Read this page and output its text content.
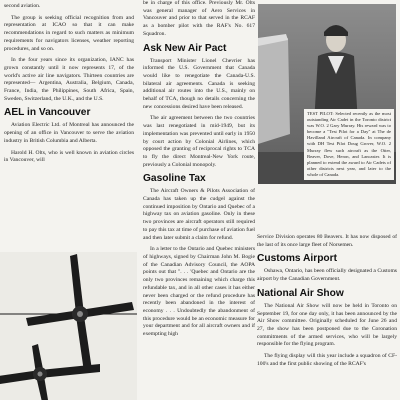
second aviation.

The group is seeking official recognition from and representation at ICAO so that it can make recommendations in regard to such matters as minimum requirements for navigators licenses, weather reporting procedures, and so on.

In the four years since its organization, IANC has grown constantly until it now represents 17, of the world's active air line navigators. Thirteen countries are represented— Argentina, Australia, Belgium, Canada, France, India, the Philippines, South Africa, Spain, Sweden, Switzerland, the U.K., and the U.S.

AEL in Vancouver

Aviation Electric Ltd. of Montreal has announced the opening of an office in Vancouver to serve the aviation industry in British Columbia and Alberta.

Harold H. Olts, who is well known in aviation circles in Vancouver, will

be in charge of this office. Previously Mr. Olts was general manager of Aero Services in Vancouver and prior to that served in the RCAF as a bomber pilot with the RAF's No. 617 Squadron.

Ask New Air Pact

Transport Minister Lionel Chevrier has informed the U.S. Government that Canada would like to renegotiate the Canada-U.S. bilateral air agreements. Canada is seeking additional air routes into the U.S., mainly on behalf of TCA, though no details concerning the new concessions desired have been released.

The air agreement between the two countries was last renegotiated in mid-1949, but its implementation was prevented until early in 1950 by court action by Colonial Airlines, which opposed the granting of reciprocal rights to TCA to fly the direct Montreal-New York route, previously a Colonial monopoly.

Gasoline Tax

The Aircraft Owners & Pilots Association of Canada has taken up the cudgel against the continued imposition by Ontario and Quebec of a highway tax on aviation gasoline. Only in these two provinces are aircraft operators still required to pay this tax at time of purchase of aviation fuel and then later submit a claim for refund.

In a letter to the Ontario and Quebec ministers of highways, signed by Chairman John M. Bogie of the Canadian Advisory Council, the AOPA points out that ". . . 'Quebec and Ontario are the only two provinces remaining which charge this refundable tax, and in all other cases it has either never been charged or the refund procedure has recently been abandoned in the interest of economy . . . Undoubtedly the abandonment of this procedure would be an economic measure for your department and for all aircraft owners and if exempting high

TEST PILOT: Selected recently as the most outstanding Air Cadet in the Toronto district was W.O. 2 Gary Murray. His reward was to become a "Test Pilot for a Day" at The de Havilland Aircraft of Canada. In company with DH Test Pilot Doug Grover, W.O. 2 Murray flew such aircraft as the Otter, Beaver, Dove, Heron, and Lancaster. It is planned to extend the award to Air Cadets of other districts next year, and later to the whole of Canada.

Service Division operates 80 Beavers. It has now disposed of the last of its once large fleet of Norsemen.

Customs Airport

Oshawa, Ontario, has been officially designated a Customs airport by the Canadian Government.

National Air Show

The National Air Show will now be held in Toronto on September 19, for one day only, it has been announced by the Air Show committee. Originally scheduled for June 26 and 27, the show has been postponed due to the Coronation commitments of the armed services, who will be largely responsible for the flying program.

The flying display will this year include a squadron of CF-100's and the first public showing of the RCAF's
